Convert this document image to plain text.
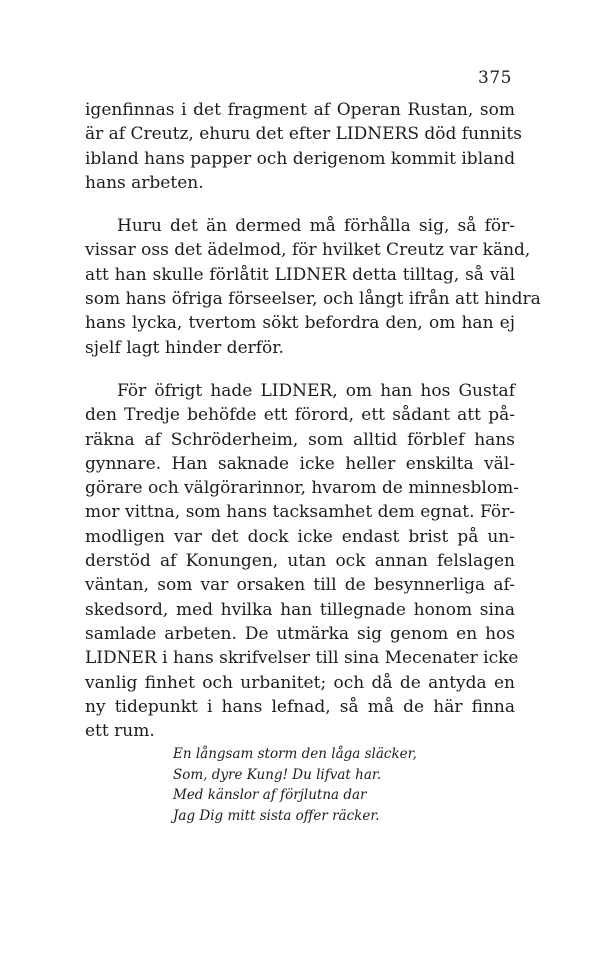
375
igenfinnas i det fragment af Operan Rustan, som
är af Creutz, ehuru det efter LIDNERS död funnits
ibland hans papper och derigenom kommit ibland
hans arbeten.
Huru det än dermed må förhålla sig, så för-
vissar oss det ädelmod, för hvilket Creutz var känd,
att han skulle förlåtit LIDNER detta tilltag, så väl
som hans öfriga förseelser, och långt ifrån att hindra
hans lycka, tvertom sökt befordra den, om han ej
sjelf lagt hinder derför.
För öfrigt hade LIDNER, om han hos Gustaf
den Tredje behöfde ett förord, ett sådant att på-
räkna af Schröderheim, som alltid förblef hans
gynnare. Han saknade icke heller enskilta väl-
görare och välgörarinnor, hvarom de minnesblom-
mor vittna, som hans tacksamhet dem egnat. För-
modligen var det dock icke endast brist på un-
derstöd af Konungen, utan ock annan felslagen
väntan, som var orsaken till de besynnerliga af-
skedsord, med hvilka han tillegnade honom sina
samlade arbeten. De utmärka sig genom en hos
LIDNER i hans skrifvelser till sina Mecenater icke
vanlig finhet och urbanitet; och då de antyda en
ny tidepunkt i hans lefnad, så må de här finna
ett rum.
En långsam storm den låga släcker,
Som, dyre Kung! Du lifvat har.
Med känslor af förjlutna dar
Jag Dig mitt sista offer räcker.
